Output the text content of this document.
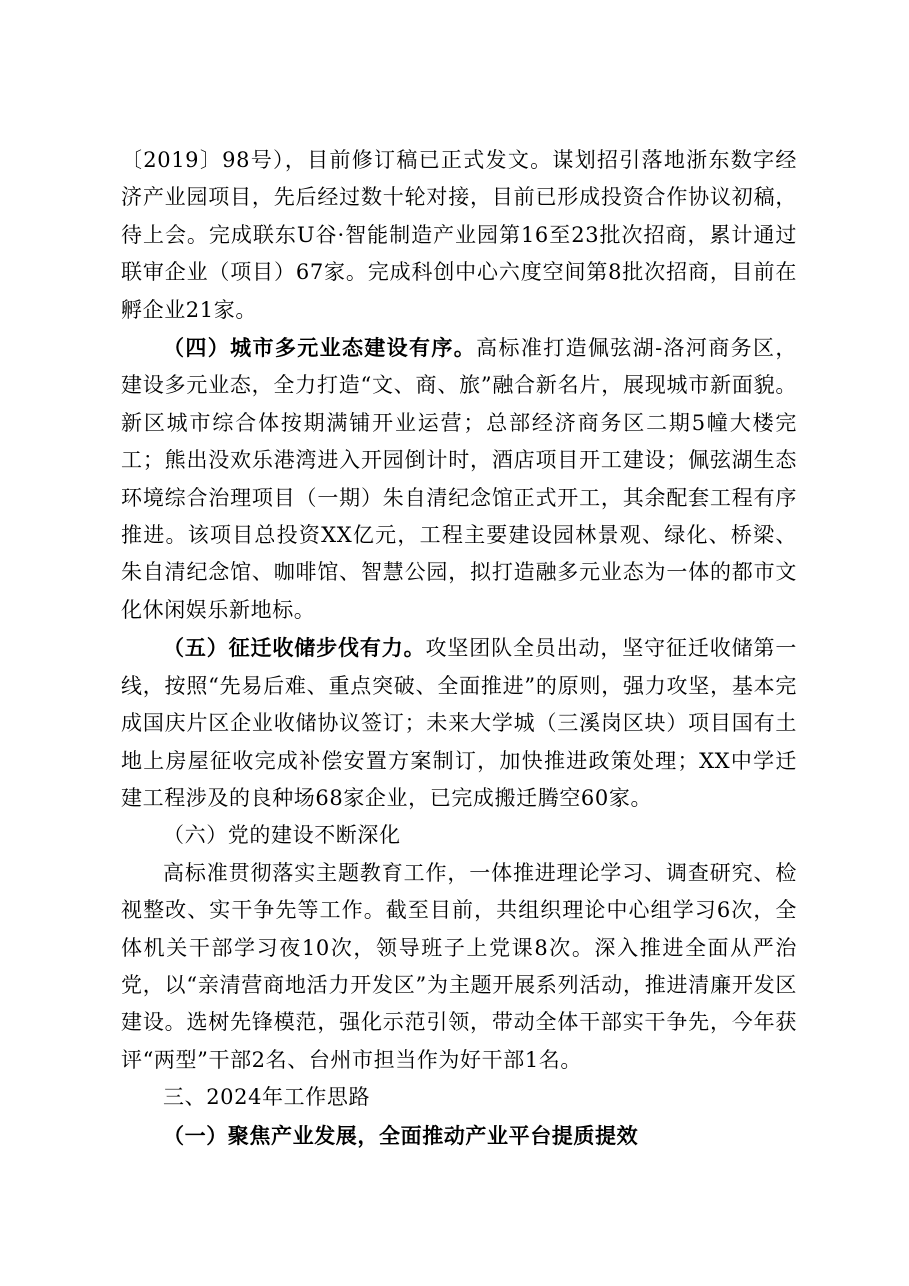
〔2019〕98号），目前修订稿已正式发文。谋划招引落地浙东数字经济产业园项目，先后经过数十轮对接，目前已形成投资合作协议初稿，待上会。完成联东U谷·智能制造产业园第16至23批次招商，累计通过联审企业（项目）67家。完成科创中心六度空间第8批次招商，目前在孵企业21家。

（四）城市多元业态建设有序。高标准打造佩弦湖-洛河商务区，建设多元业态，全力打造“文、商、旅”融合新名片，展现城市新面貌。新区城市综合体按期满铺开业运营；总部经济商务区二期5幢大楼完工；熊出没欢乐港湾进入开园倒计时，酒店项目开工建设；佩弦湖生态环境综合治理项目（一期）朱自清纪念馆正式开工，其余配套工程有序推进。该项目总投资XX亿元，工程主要建设园林景观、绿化、桥梁、朱自清纪念馆、咖啡馆、智慧公园，拟打造融多元业态为一体的都市文化休闲娱乐新地标。

（五）征迁收储步伐有力。攻坚团队全员出动，坚守征迁收储第一线，按照“先易后难、重点突破、全面推进”的原则，强力攻坚，基本完成国庆片区企业收储协议签订；未来大学城（三溪岗区块）项目国有土地上房屋征收完成补偿安置方案制订，加快推进政策处理；XX中学迁建工程涉及的良种场68家企业，已完成搬迁腾空60家。

（六）党的建设不断深化

高标准贯彻落实主题教育工作，一体推进理论学习、调查研究、检视整改、实干争先等工作。截至目前，共组织理论中心组学习6次，全体机关干部学习夜10次，领导班子上党课8次。深入推进全面从严治党，以“亲清营商地活力开发区”为主题开展系列活动，推进清廉开发区建设。选树先锋模范，强化示范引领，带动全体干部实干争先，今年获评“两型”干部2名、台州市担当作为好干部1名。

三、2024年工作思路

（一）聚焦产业发展，全面推动产业平台提质提效
